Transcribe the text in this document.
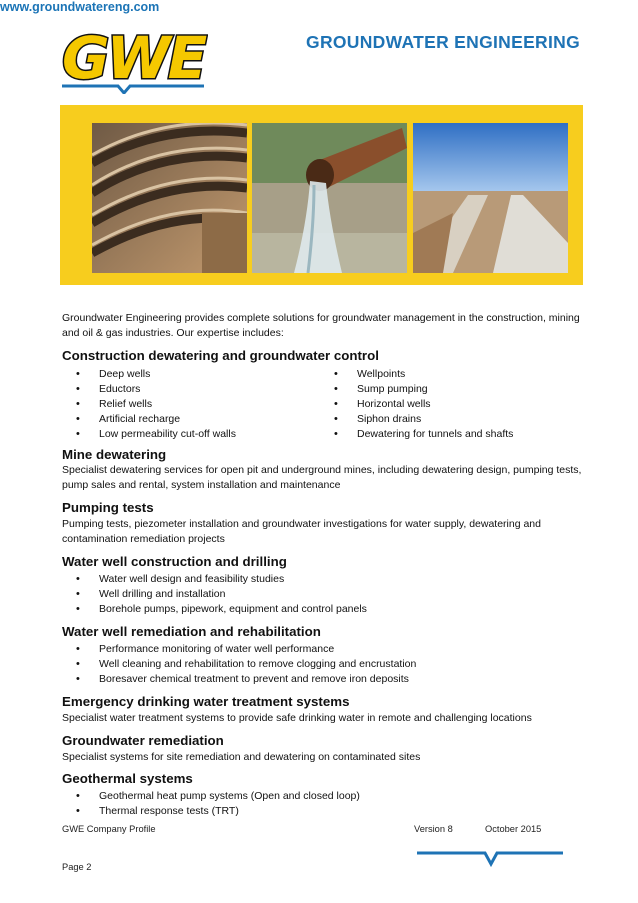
GWE	GROUNDWATER ENGINEERING
Groundwater Engineering provides complete solutions for groundwater management in the construction, mining and oil & gas industries. Our expertise includes:
Construction dewatering and groundwater control
• Deep wells
• Eductors
• Relief wells
• Artificial recharge
• Low permeability cut-off walls
• Wellpoints
• Sump pumping
• Horizontal wells
• Siphon drains
• Dewatering for tunnels and shafts
Mine dewatering
Specialist dewatering services for open pit and underground mines, including dewatering design, pumping tests, pump sales and rental, system installation and maintenance
Pumping tests
Pumping tests, piezometer installation and groundwater investigations for water supply, dewatering and contamination remediation projects
Water well construction and drilling
• Water well design and feasibility studies
• Well drilling and installation
• Borehole pumps, pipework, equipment and control panels
Water well remediation and rehabilitation
• Performance monitoring of water well performance
• Well cleaning and rehabilitation to remove clogging and encrustation
• Boresaver chemical treatment to prevent and remove iron deposits
Emergency drinking water treatment systems
Specialist water treatment systems to provide safe drinking water in remote and challenging locations
Groundwater remediation
Specialist systems for site remediation and dewatering on contaminated sites
Geothermal systems
• Geothermal heat pump systems (Open and closed loop)
• Thermal response tests (TRT)
GWE Company Profile	Version 8	October 2015
Page 2
www.groundwatereng.com
